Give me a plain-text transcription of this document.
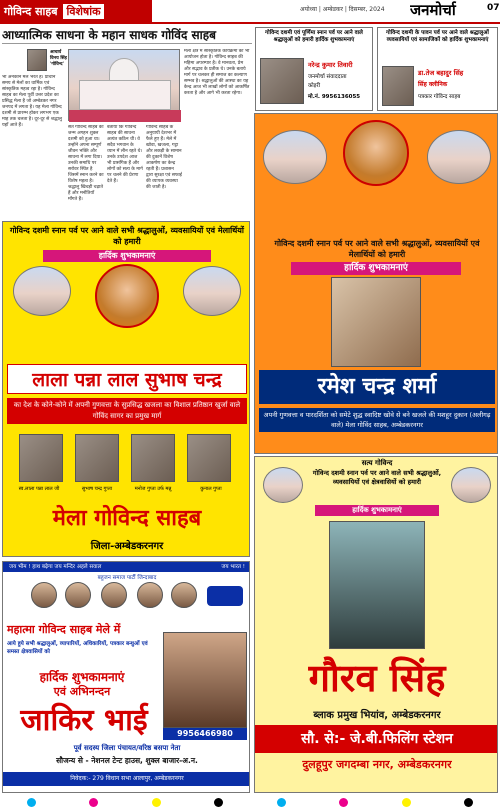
गोविन्द साहब विशेषांक	अयोध्या | अम्बेडकर | दिसम्बर, 2024	जनमोर्चा	07
आध्यात्मिक साधना के महान साधक गोविंद साहब
आचार्य विनय सिंह 'गोविन्द'
भी अनेकाने मेले भरते हैं। प्राचीन समय से मेलों का धार्मिक एवं सांस्कृतिक महत्व रहा है। गोविन्द साहब का मेला पूर्वी उत्तर प्रदेश का प्रसिद्ध मेला है जो अम्बेडकर नगर जनपद में लगता है। यह मेला गोविन्द दशमी से प्रारम्भ होकर लगभग एक माह तक चलता है। दूर-दूर से श्रद्धालु यहाँ आते हैं।
मेला क्षेत्र में सांस्कृतिक कार्यक्रमों का भी आयोजन होता है। गोविन्द साहब की महिमा अपरम्पार है। वे मानवता, प्रेम और सद्भाव के प्रतीक थे। उनके बताये मार्ग पर चलकर ही समाज का कल्याण सम्भव है। श्रद्धालुओं की आस्था का यह केन्द्र आज भी लाखों लोगों को आकर्षित करता है और आगे भी करता रहेगा।
संत गोविन्द साहब का जन्म अगहन शुक्ल दशमी को हुआ था। उन्होंने अपना सम्पूर्ण जीवन भक्ति और साधना में लगा दिया। उनकी समाधि पर सरोवर स्थित है जिसमें स्नान करने का विशेष महत्व है। श्रद्धालु खिचड़ी चढ़ाते हैं और मनौतियाँ माँगते हैं।
बताया कि गोविन्द साहब की साधना अत्यंत कठिन थी। वे सदैव भगवान के ध्यान में लीन रहते थे। उनके उपदेश आज भी प्रासंगिक हैं और लोगों को सत्य के मार्ग पर चलने की प्रेरणा देते हैं।
गोविन्द साहब के अनुयायी देशभर में फैले हुए हैं। मेले में खोवा, खजला, गट्टा और लकड़ी के सामान की दुकानें विशेष आकर्षण का केन्द्र रहती हैं। प्रशासन द्वारा सुरक्षा एवं सफाई की व्यापक व्यवस्था की जाती है।
गोविन्द दशमी एवं पूर्णिमा स्नान पर्व पर आने वाले श्रद्धालुओं को हमारी हार्दिक शुभकामनाएं
नरेन्द्र कुमार तिवारी
जनमोर्चा संवाददाता
कोइरी
मो.नं. 9956136055
गोविन्द दशमी के पावन पर्व पर आने वाले श्रद्धालुओं व्यवसायियों एवं सामाजिकों को हार्दिक शुभकामनाएं
डा.तेज बहादुर सिंह
सिंह क्लीनिक
पत्रकार गोविन्द साहब
गोविन्द दशमी स्नान पर्व पर आने वाले सभी श्रद्धालुओं, व्यवसायियों एवं मेलार्थियों को हमारी
हार्दिक शुभकामनाएं
रमेश चन्द्र शर्मा
अपनी गुणवत्ता व पारदर्शिता को समेटे शुद्ध स्वादिष्ट खोवे से बने खजले की मशहूर दुकान (अलीगढ़ वाले) मेला गोविंद साहब, अम्बेडकरनगर
गोविन्द दशमी स्नान पर्व पर आने वाले सभी श्रद्धालुओं, व्यवसायियों एवं मेलार्थियों को हमारी
हार्दिक शुभकामनाएं
लाला पन्ना लाल सुभाष चन्द्र
का देश के कोने-कोने में अपनी गुणवत्ता के सुप्रसिद्ध खजला का विशाल प्रतिष्ठान खुर्जा वाले गोविंद सागर का प्रमुख मार्ग
स्व.लाला पन्ना लाल जी	सुभाष चन्द्र गुप्ता	मनोज गुप्ता उर्फ मन्नू	कुनाल गुप्ता
मेला गोविन्द साहब
जिला-अम्बेडकरनगर
सत्य गोविन्द
गोविन्द दशमी स्नान पर्व पर आने वाले सभी श्रद्धालुओं, व्यवसायियों एवं क्षेत्रवासियों को हमारी
हार्दिक शुभकामनाएं
गौरव सिंह
ब्लाक प्रमुख भियांव, अम्बेडकरनगर
सौ. से:- जे.बी.फिलिंग स्टेशन
दुलहूपुर जगदम्बा नगर, अम्बेडकरनगर
जय भीम ! हाथ बढ़ेगा जय मन्दिर अहले सवाल	जय भारत !
बहुजन समाज पार्टी जिन्दाबाद
महात्मा गोविन्द साहब मेले में
आये हुये सभी श्रद्धालुओं, व्यापारियों, अधिकारियों, पत्रकार बन्धुओं एवं समस्त क्षेत्रवासियों को
हार्दिक शुभकामनाएं
एवं अभिनन्दन
9956466980
जाकिर भाई
पूर्व सदस्य जिला पंचायत/वरिष्ठ बसपा नेता
सौजन्य से - नेशनल टेन्ट हाउस, शुक्ल बाजार-अ.न.
निवेदक:- 279 विधान सभा आलापुर, अम्बेडकरनगर
